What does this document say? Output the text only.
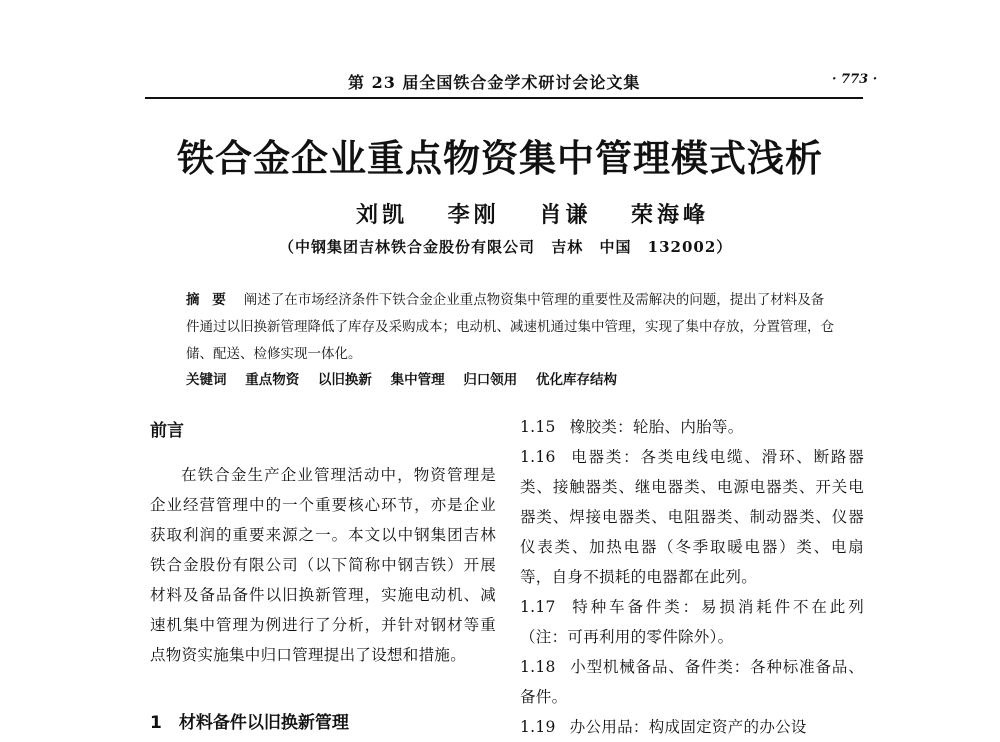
第 23 届全国铁合金学术研讨会论文集	· 773 ·
铁合金企业重点物资集中管理模式浅析
刘凯 李刚 肖谦 荣海峰
（中钢集团吉林铁合金股份有限公司 吉林 中国 132002）

摘 要 阐述了在市场经济条件下铁合金企业重点物资集中管理的重要性及需解决的问题，提出了材料及备件通过以旧换新管理降低了库存及采购成本；电动机、减速机通过集中管理，实现了集中存放，分置管理，仓储、配送、检修实现一体化。

关键词 重点物资 以旧换新 集中管理 归口领用 优化库存结构
前言

在铁合金生产企业管理活动中，物资管理是企业经营管理中的一个重要核心环节，亦是企业获取利润的重要来源之一。本文以中钢集团吉林铁合金股份有限公司（以下简称中钢吉铁）开展材料及备品备件以旧换新管理，实施电动机、减速机集中管理为例进行了分析，并针对钢材等重点物资实施集中归口管理提出了设想和措施。

1　材料备件以旧换新管理

1.15 橡胶类：轮胎、内胎等。

1.16 电器类：各类电线电缆、滑环、断路器类、接触器类、继电器类、电源电器类、开关电器类、焊接电器类、电阻器类、制动器类、仪器仪表类、加热电器（冬季取暖电器）类、电扇等，自身不损耗的电器都在此列。

1.17 特种车备件类：易损消耗件不在此列（注：可再利用的零件除外）。

1.18 小型机械备品、备件类：各种标准备品、备件。

1.19 办公用品：构成固定资产的办公设
